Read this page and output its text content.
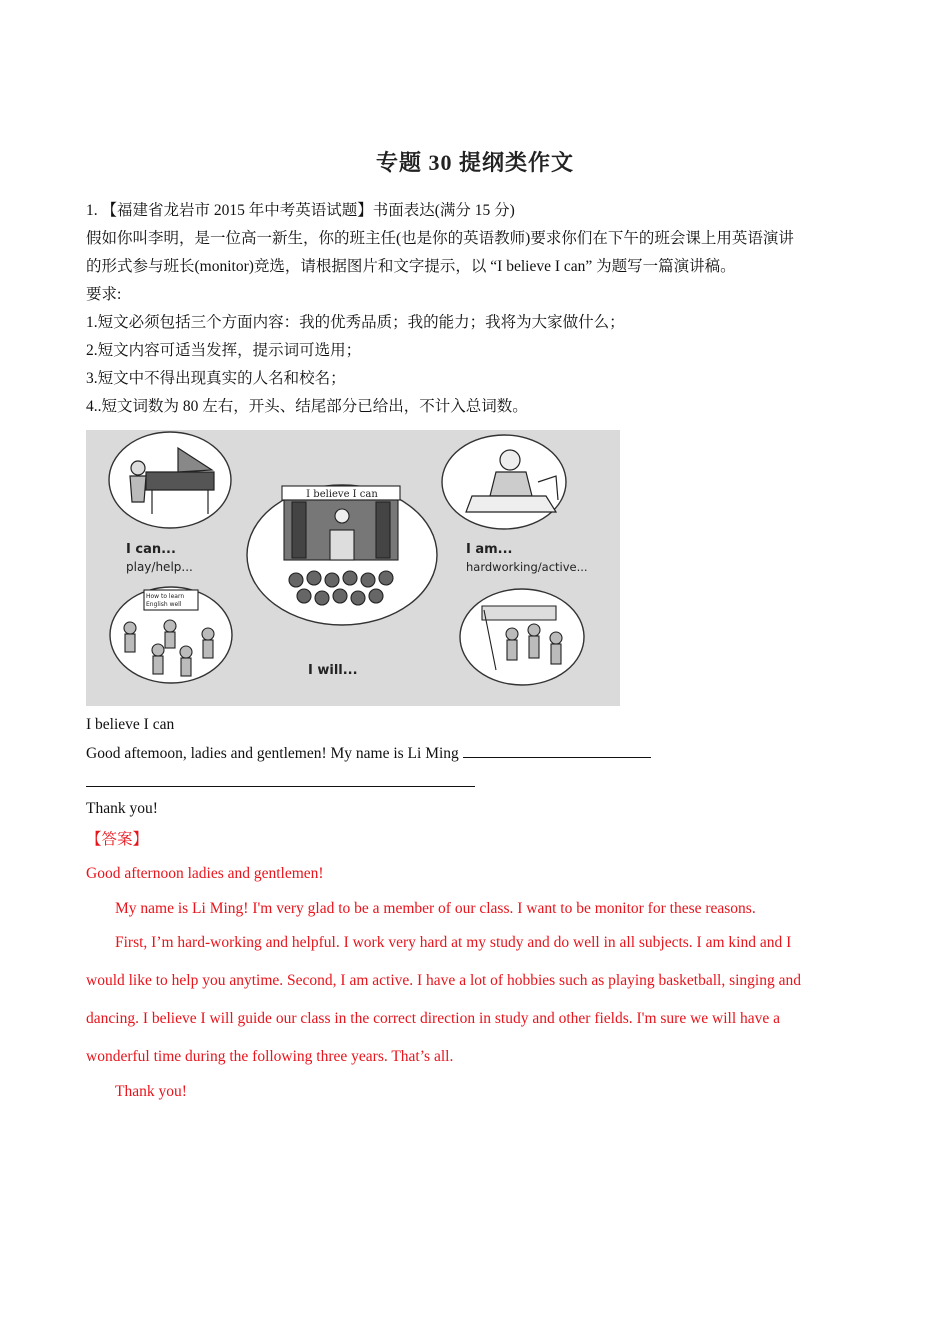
专题 30 提纲类作文
1. 【福建省龙岩市 2015 年中考英语试题】书面表达(满分 15 分)
假如你叫李明，是一位高一新生，你的班主任(也是你的英语教师)要求你们在下午的班会课上用英语演讲
的形式参与班长(monitor)竞选，请根据图片和文字提示，以 “I believe I can” 为题写一篇演讲稿。
要求:
1.短文必须包括三个方面内容：我的优秀品质；我的能力；我将为大家做什么；
2.短文内容可适当发挥，提示词可选用；
3.短文中不得出现真实的人名和校名；
4..短文词数为 80 左右，开头、结尾部分已给出，不计入总词数。
I believe I can
I can...
play/help...
I am...
hardworking/active...
I will...
How to learn
English well
I believe I can
Good aftemoon, ladies and gentlemen! My name is Li Ming
Thank you!
【答案】
Good afternoon ladies and gentlemen!
My name is Li Ming! I'm very glad to be a member of our class. I want to be monitor for these reasons.
First, I’m hard-working and helpful. I work very hard at my study and do well in all subjects. I am kind and I
would like to help you anytime. Second, I am active. I have a lot of hobbies such as playing basketball, singing and
dancing. I believe I will guide our class in the correct direction in study and other fields. I'm sure we will have a
wonderful time during the following three years. That’s all.
Thank you!
